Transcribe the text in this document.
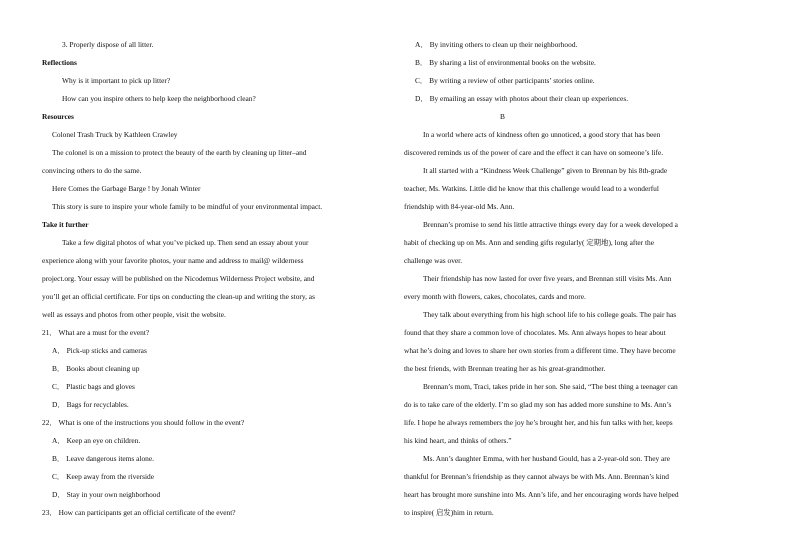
3. Properly dispose of all litter.
Reflections
Why is it important to pick up litter?
How can you inspire others to help keep the neighborhood clean?
Resources
Colonel Trash Truck by Kathleen Crawley
The colonel is on a mission to protect the beauty of the earth by cleaning up litter–and
convincing others to do the same.
Here Comes the Garbage Barge ! by Jonah Winter
This story is sure to inspire your whole family to be mindful of your environmental impact.
Take it further
Take a few digital photos of what you’ve picked up. Then send an essay about your
experience along with your favorite photos, your name and address to mail@ wilderness
project.org. Your essay will be published on the Nicodemus Wilderness Project website, and
you’ll get an official certificate. For tips on conducting the clean-up and writing the story, as
well as essays and photos from other people, visit the website.
21． What are a must for the event?
A． Pick-up sticks and cameras
B． Books about cleaning up
C． Plastic bags and gloves
D． Bags for recyclables.
22． What is one of the instructions you should follow in the event?
A． Keep an eye on children.
B． Leave dangerous items alone.
C． Keep away from the riverside
D． Stay in your own neighborhood
23． How can participants get an official certificate of the event?
A． By inviting others to clean up their neighborhood.
B． By sharing a list of environmental books on the website.
C． By writing a review of other participants’ stories online.
D． By emailing an essay with photos about their clean up experiences.
B
In a world where acts of kindness often go unnoticed, a good story that has been
discovered reminds us of the power of care and the effect it can have on someone’s life.
It all started with a “Kindness Week Challenge” given to Brennan by his 8th-grade
teacher, Ms. Watkins. Little did he know that this challenge would lead to a wonderful
friendship with 84-year-old Ms. Ann.
Brennan’s promise to send his little attractive things every day for a week developed a
habit of checking up on Ms. Ann and sending gifts regularly( 定期地), long after the
challenge was over.
Their friendship has now lasted for over five years, and Brennan still visits Ms. Ann
every month with flowers, cakes, chocolates, cards and more.
They talk about everything from his high school life to his college goals. The pair has
found that they share a common love of chocolates. Ms. Ann always hopes to hear about
what he’s doing and loves to share her own stories from a different time. They have become
the best friends, with Brennan treating her as his great-grandmother.
Brennan’s mom, Traci, takes pride in her son. She said, “The best thing a teenager can
do is to take care of the elderly. I’m so glad my son has added more sunshine to Ms. Ann’s
life. I hope he always remembers the joy he’s brought her, and his fun talks with her, keeps
his kind heart, and thinks of others.”
Ms. Ann’s daughter Emma, with her husband Gould, has a 2-year-old son. They are
thankful for Brennan’s friendship as they cannot always be with Ms. Ann. Brennan’s kind
heart has brought more sunshine into Ms. Ann’s life, and her encouraging words have helped
to inspire( 启发)him in return.
